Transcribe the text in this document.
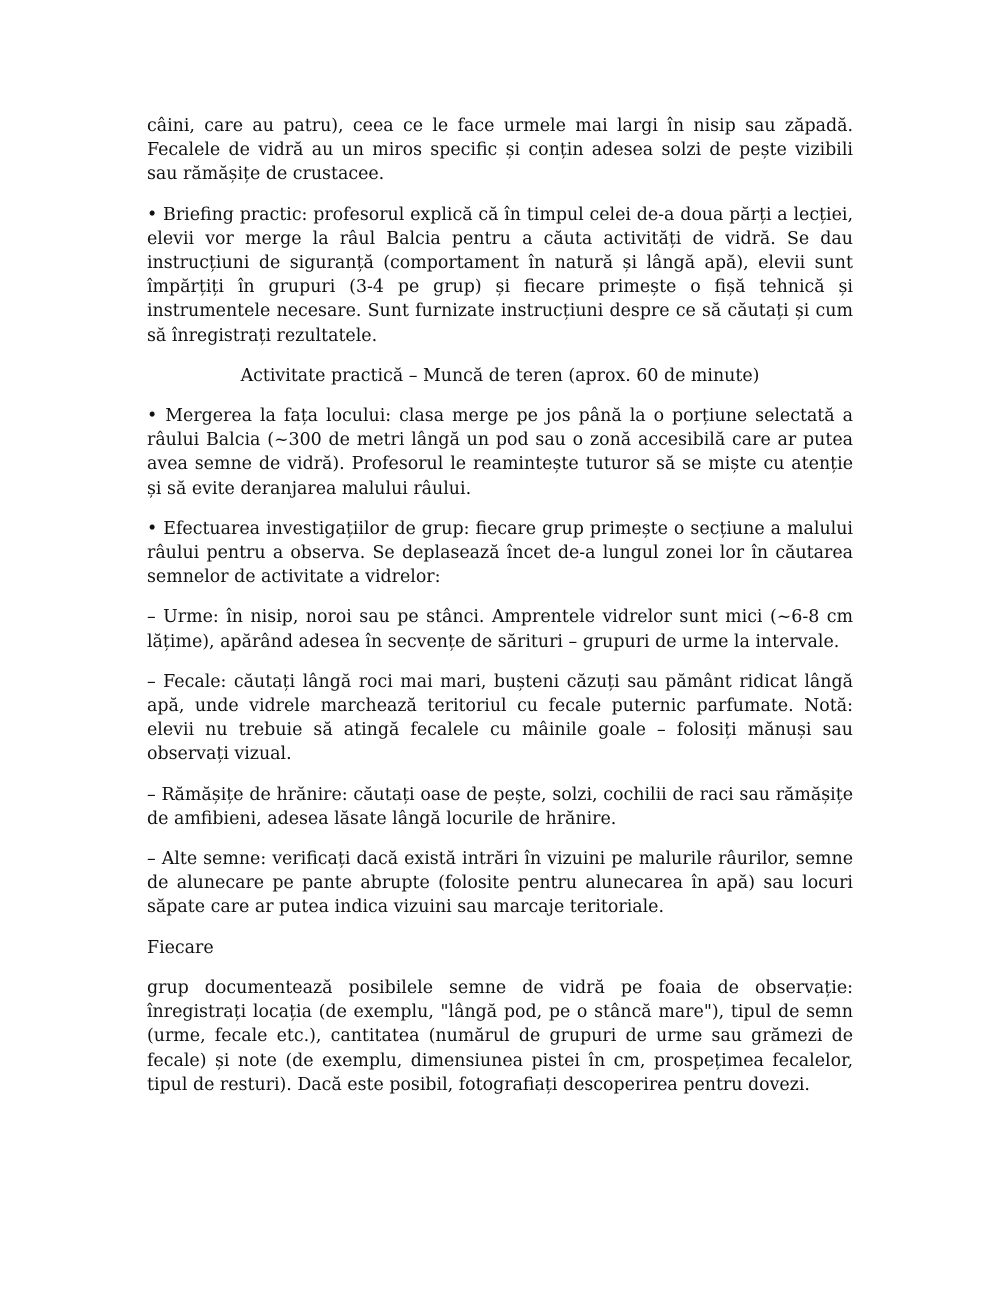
câini, care au patru), ceea ce le face urmele mai largi în nisip sau zăpadă. Fecalele de vidră au un miros specific și conțin adesea solzi de pește vizibili sau rămășițe de crustacee.

• Briefing practic: profesorul explică că în timpul celei de-a doua părți a lecției, elevii vor merge la râul Balcia pentru a căuta activități de vidră. Se dau instrucțiuni de siguranță (comportament în natură și lângă apă), elevii sunt împărțiți în grupuri (3-4 pe grup) și fiecare primește o fișă tehnică și instrumentele necesare. Sunt furnizate instrucțiuni despre ce să căutați și cum să înregistrați rezultatele.

Activitate practică – Muncă de teren (aprox. 60 de minute)

• Mergerea la fața locului: clasa merge pe jos până la o porțiune selectată a râului Balcia (~300 de metri lângă un pod sau o zonă accesibilă care ar putea avea semne de vidră). Profesorul le reamintește tuturor să se miște cu atenție și să evite deranjarea malului râului.

• Efectuarea investigațiilor de grup: fiecare grup primește o secțiune a malului râului pentru a observa. Se deplasează încet de-a lungul zonei lor în căutarea semnelor de activitate a vidrelor:

– Urme: în nisip, noroi sau pe stânci. Amprentele vidrelor sunt mici (~6-8 cm lățime), apărând adesea în secvențe de sărituri – grupuri de urme la intervale.

– Fecale: căutați lângă roci mai mari, bușteni căzuți sau pământ ridicat lângă apă, unde vidrele marchează teritoriul cu fecale puternic parfumate. Notă: elevii nu trebuie să atingă fecalele cu mâinile goale – folosiți mănuși sau observați vizual.

– Rămășițe de hrănire: căutați oase de pește, solzi, cochilii de raci sau rămășițe de amfibieni, adesea lăsate lângă locurile de hrănire.

– Alte semne: verificați dacă există intrări în vizuini pe malurile râurilor, semne de alunecare pe pante abrupte (folosite pentru alunecarea în apă) sau locuri săpate care ar putea indica vizuini sau marcaje teritoriale.

Fiecare

grup documentează posibilele semne de vidră pe foaia de observație: înregistrați locația (de exemplu, "lângă pod, pe o stâncă mare"), tipul de semn (urme, fecale etc.), cantitatea (numărul de grupuri de urme sau grămezi de fecale) și note (de exemplu, dimensiunea pistei în cm, prospețimea fecalelor, tipul de resturi). Dacă este posibil, fotografiați descoperirea pentru dovezi.
